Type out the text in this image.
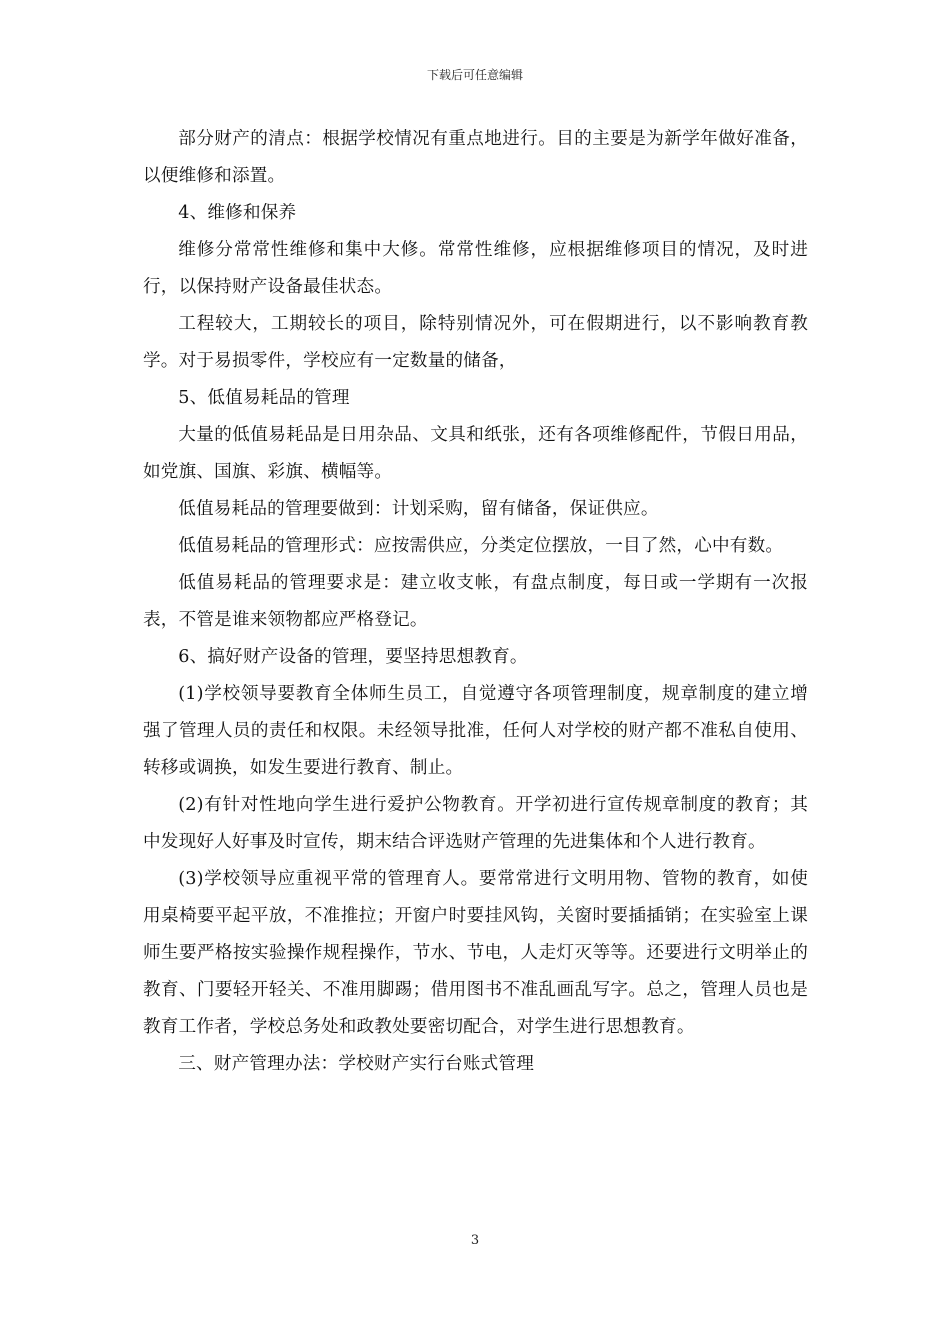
下载后可任意编辑

部分财产的清点：根据学校情况有重点地进行。目的主要是为新学年做好准备，以便维修和添置。

4、维修和保养

维修分常常性维修和集中大修。常常性维修，应根据维修项目的情况，及时进行，以保持财产设备最佳状态。

工程较大，工期较长的项目，除特别情况外，可在假期进行，以不影响教育教学。对于易损零件，学校应有一定数量的储备，

5、低值易耗品的管理

大量的低值易耗品是日用杂品、文具和纸张，还有各项维修配件，节假日用品，如党旗、国旗、彩旗、横幅等。

低值易耗品的管理要做到：计划采购，留有储备，保证供应。

低值易耗品的管理形式：应按需供应，分类定位摆放，一目了然，心中有数。

低值易耗品的管理要求是：建立收支帐，有盘点制度，每日或一学期有一次报表，不管是谁来领物都应严格登记。

6、搞好财产设备的管理，要坚持思想教育。

(1)学校领导要教育全体师生员工，自觉遵守各项管理制度，规章制度的建立增强了管理人员的责任和权限。未经领导批准，任何人对学校的财产都不准私自使用、转移或调换，如发生要进行教育、制止。

(2)有针对性地向学生进行爱护公物教育。开学初进行宣传规章制度的教育；其中发现好人好事及时宣传，期末结合评选财产管理的先进集体和个人进行教育。

(3)学校领导应重视平常的管理育人。要常常进行文明用物、管物的教育，如使用桌椅要平起平放，不准推拉；开窗户时要挂风钩，关窗时要插插销；在实验室上课师生要严格按实验操作规程操作，节水、节电，人走灯灭等等。还要进行文明举止的教育、门要轻开轻关、不准用脚踢；借用图书不准乱画乱写字。总之，管理人员也是教育工作者，学校总务处和政教处要密切配合，对学生进行思想教育。

三、财产管理办法：学校财产实行台账式管理

3
